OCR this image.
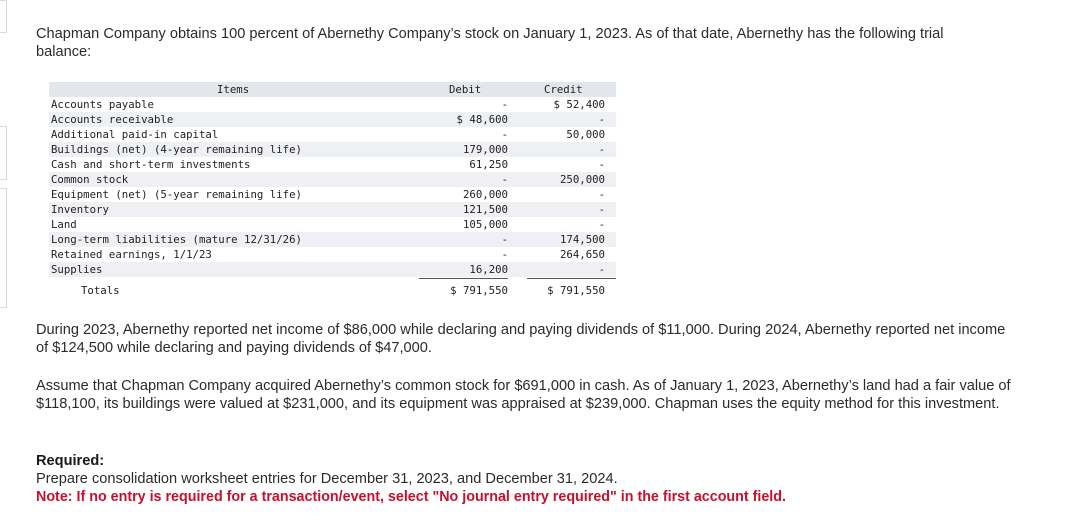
Chapman Company obtains 100 percent of Abernethy Company’s stock on January 1, 2023. As of that date, Abernethy has the following trial balance:

Items	Debit	Credit
Accounts payable	-	$ 52,400
Accounts receivable	$ 48,600	-
Additional paid-in capital	-	50,000
Buildings (net) (4-year remaining life)	179,000	-
Cash and short-term investments	61,250	-
Common stock	-	250,000
Equipment (net) (5-year remaining life)	260,000	-
Inventory	121,500	-
Land	105,000	-
Long-term liabilities (mature 12/31/26)	-	174,500
Retained earnings, 1/1/23	-	264,650
Supplies	16,200	-
Totals	$ 791,550	$ 791,550

During 2023, Abernethy reported net income of $86,000 while declaring and paying dividends of $11,000. During 2024, Abernethy reported net income of $124,500 while declaring and paying dividends of $47,000.

Assume that Chapman Company acquired Abernethy’s common stock for $691,000 in cash. As of January 1, 2023, Abernethy’s land had a fair value of $118,100, its buildings were valued at $231,000, and its equipment was appraised at $239,000. Chapman uses the equity method for this investment.

Required:

Prepare consolidation worksheet entries for December 31, 2023, and December 31, 2024.

Note: If no entry is required for a transaction/event, select "No journal entry required" in the first account field.
